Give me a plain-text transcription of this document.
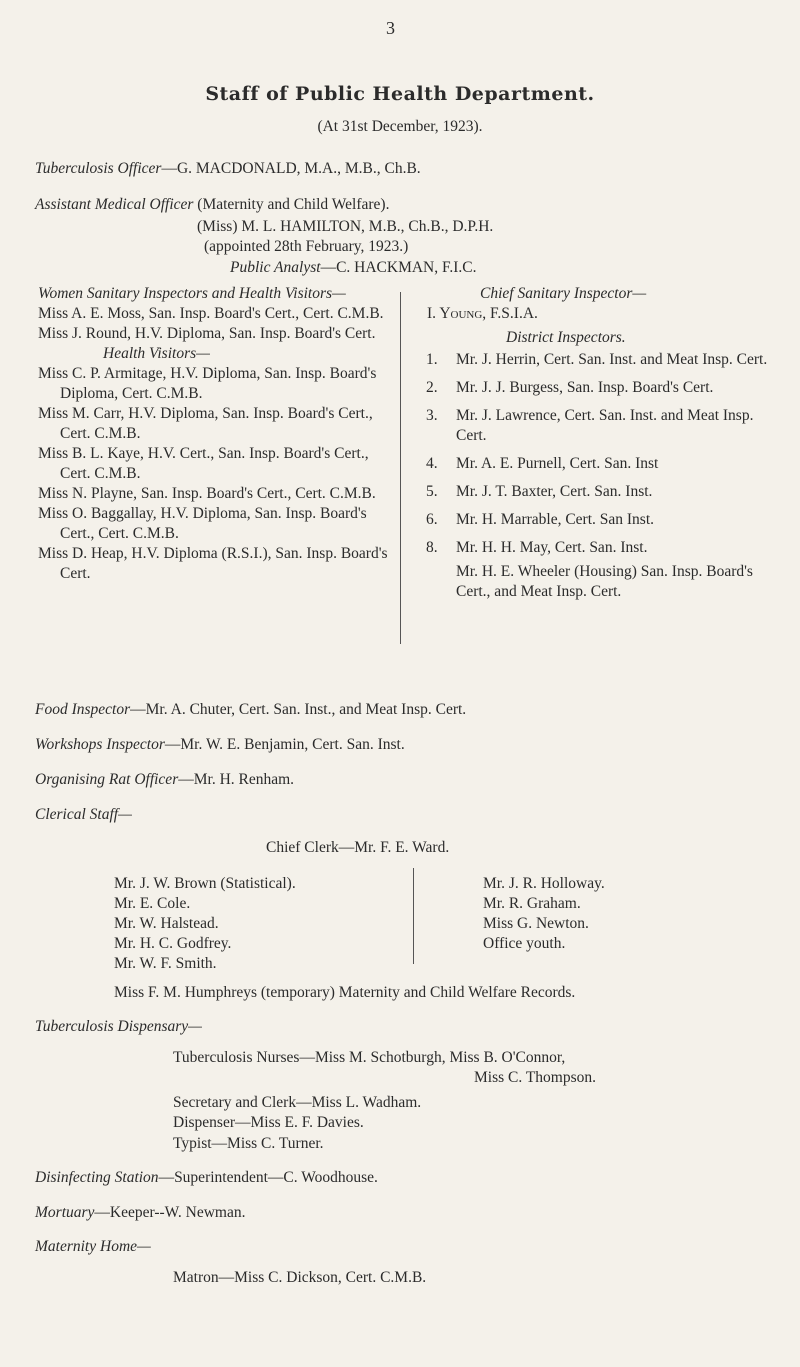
3
Staff of Public Health Department.
(At 31st December, 1923).
Tuberculosis Officer—G. MACDONALD, M.A., M.B., Ch.B.
Assistant Medical Officer (Maternity and Child Welfare).
(Miss) M. L. HAMILTON, M.B., Ch.B., D.P.H.
(appointed 28th February, 1923.)
Public Analyst—C. HACKMAN, F.I.C.
Women Sanitary Inspectors and Health Visitors—
Miss A. E. Moss, San. Insp. Board's Cert., Cert. C.M.B.
Miss J. Round, H.V. Diploma, San. Insp. Board's Cert.
Health Visitors—
Miss C. P. Armitage, H.V. Diploma, San. Insp. Board's Diploma, Cert. C.M.B.
Miss M. Carr, H.V. Diploma, San. Insp. Board's Cert., Cert. C.M.B.
Miss B. L. Kaye, H.V. Cert., San. Insp. Board's Cert., Cert. C.M.B.
Miss N. Playne, San. Insp. Board's Cert., Cert. C.M.B.
Miss O. Baggallay, H.V. Diploma, San. Insp. Board's Cert., Cert. C.M.B.
Miss D. Heap, H.V. Diploma (R.S.I.), San. Insp. Board's Cert.
Chief Sanitary Inspector—
I. Young, F.S.I.A.
District Inspectors.
1. Mr. J. Herrin, Cert. San. Inst. and Meat Insp. Cert.
2. Mr. J. J. Burgess, San. Insp. Board's Cert.
3. Mr. J. Lawrence, Cert. San. Inst. and Meat Insp. Cert.
4. Mr. A. E. Purnell, Cert. San. Inst
5. Mr. J. T. Baxter, Cert. San. Inst.
6. Mr. H. Marrable, Cert. San Inst.
8. Mr. H. H. May, Cert. San. Inst.
Mr. H. E. Wheeler (Housing) San. Insp. Board's Cert., and Meat Insp. Cert.
Food Inspector—Mr. A. Chuter, Cert. San. Inst., and Meat Insp. Cert.
Workshops Inspector—Mr. W. E. Benjamin, Cert. San. Inst.
Organising Rat Officer—Mr. H. Renham.
Clerical Staff—
Chief Clerk—Mr. F. E. Ward.
Mr. J. W. Brown (Statistical).
Mr. E. Cole.
Mr. W. Halstead.
Mr. H. C. Godfrey.
Mr. W. F. Smith.
Mr. J. R. Holloway.
Mr. R. Graham.
Miss G. Newton.
Office youth.
Miss F. M. Humphreys (temporary) Maternity and Child Welfare Records.
Tuberculosis Dispensary—
Tuberculosis Nurses—Miss M. Schotburgh, Miss B. O'Connor,
Miss C. Thompson.
Secretary and Clerk—Miss L. Wadham.
Dispenser—Miss E. F. Davies.
Typist—Miss C. Turner.
Disinfecting Station—Superintendent—C. Woodhouse.
Mortuary—Keeper--W. Newman.
Maternity Home—
Matron—Miss C. Dickson, Cert. C.M.B.
